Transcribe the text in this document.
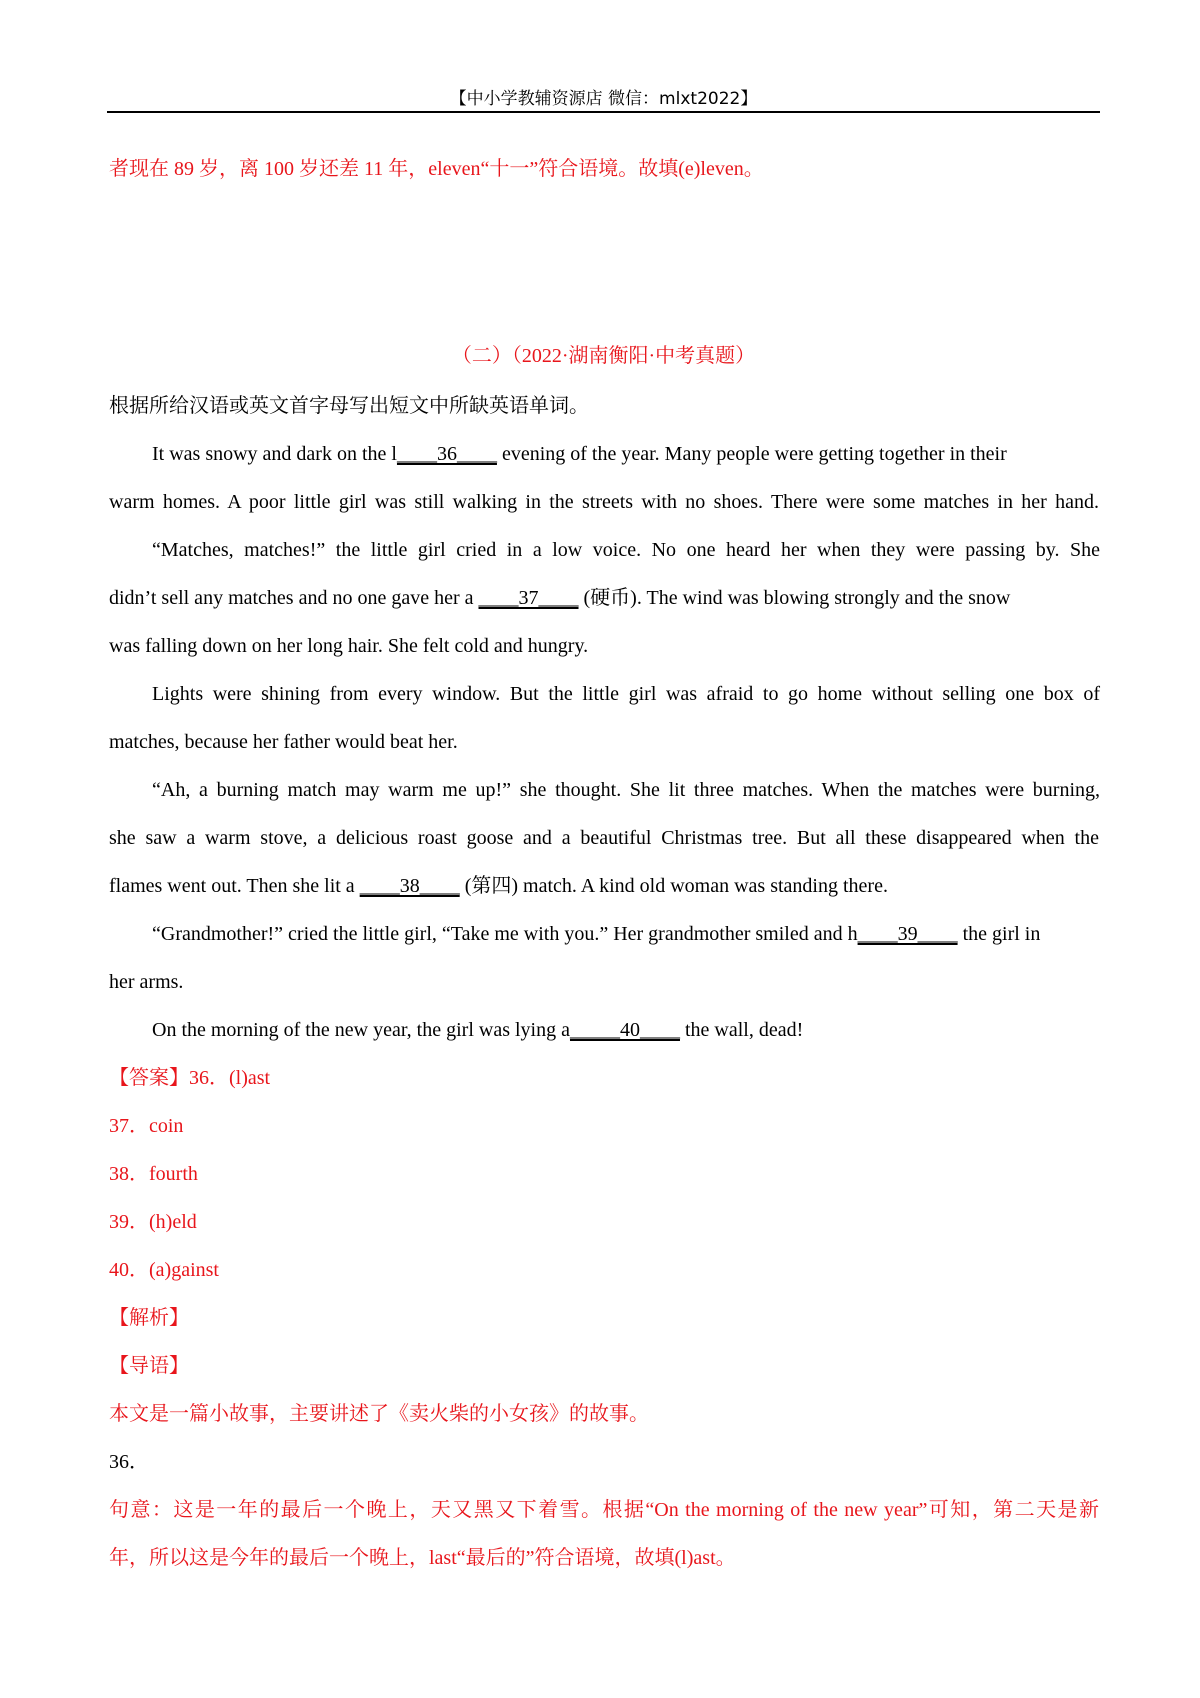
【中小学教辅资源店 微信：mlxt2022】
者现在 89 岁，离 100 岁还差 11 年，eleven“十一”符合语境。故填(e)leven。
（二）（2022·湖南衡阳·中考真题）
根据所给汉语或英文首字母写出短文中所缺英语单词。
It was snowy and dark on the l____36____ evening of the year. Many people were getting together in their
warm homes. A poor little girl was still walking in the streets with no shoes. There were some matches in her hand.
“Matches, matches!” the little girl cried in a low voice. No one heard her when they were passing by. She
didn’t sell any matches and no one gave her a ____37____ (硬币). The wind was blowing strongly and the snow
was falling down on her long hair. She felt cold and hungry.
Lights were shining from every window. But the little girl was afraid to go home without selling one box of
matches, because her father would beat her.
“Ah, a burning match may warm me up!” she thought. She lit three matches. When the matches were burning,
she saw a warm stove, a delicious roast goose and a beautiful Christmas tree. But all these disappeared when the
flames went out. Then she lit a ____38____ (第四) match. A kind old woman was standing there.
“Grandmother!” cried the little girl, “Take me with you.” Her grandmother smiled and h____39____ the girl in
her arms.
On the morning of the new year, the girl was lying a_____40____ the wall, dead!
【答案】36．(l)ast
37．coin
38．fourth
39．(h)eld
40．(a)gainst
【解析】
【导语】
本文是一篇小故事，主要讲述了《卖火柴的小女孩》的故事。
36．
句意：这是一年的最后一个晚上，天又黑又下着雪。根据“On the morning of the new year”可知，第二天是新
年，所以这是今年的最后一个晚上，last“最后的”符合语境，故填(l)ast。
